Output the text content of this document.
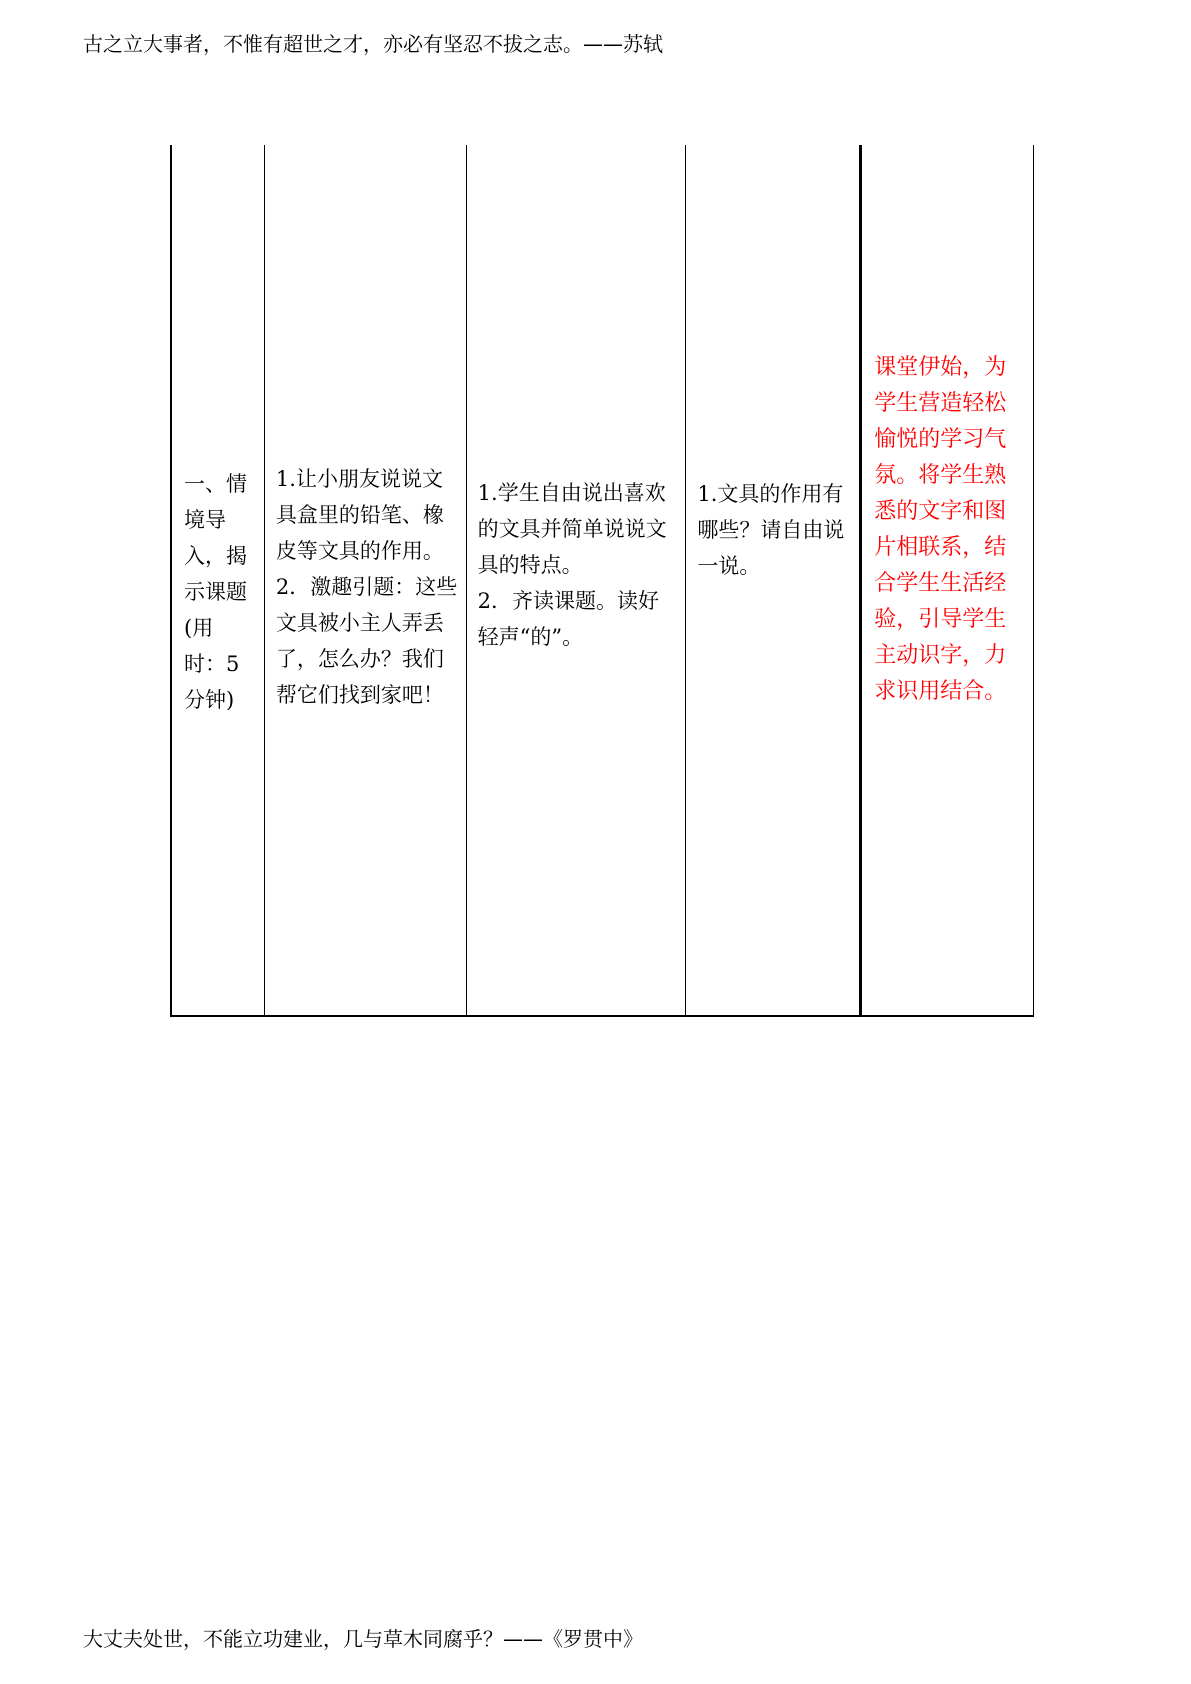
古之立大事者，不惟有超世之才，亦必有坚忍不拔之志。——苏轼
一、情境导入，揭示课题(用时：5分钟)

1.让小朋友说说文具盒里的铅笔、橡皮等文具的作用。

2．激趣引题：这些文具被小主人弄丢了，怎么办？我们帮它们找到家吧！

1.学生自由说出喜欢的文具并简单说说文具的特点。

2．齐读课题。读好轻声“的”。

1.文具的作用有哪些？请自由说一说。

课堂伊始，为学生营造轻松愉悦的学习气氛。将学生熟悉的文字和图片相联系，结合学生生活经验，引导学生主动识字，力求识用结合。
大丈夫处世，不能立功建业，几与草木同腐乎？——《罗贯中》
